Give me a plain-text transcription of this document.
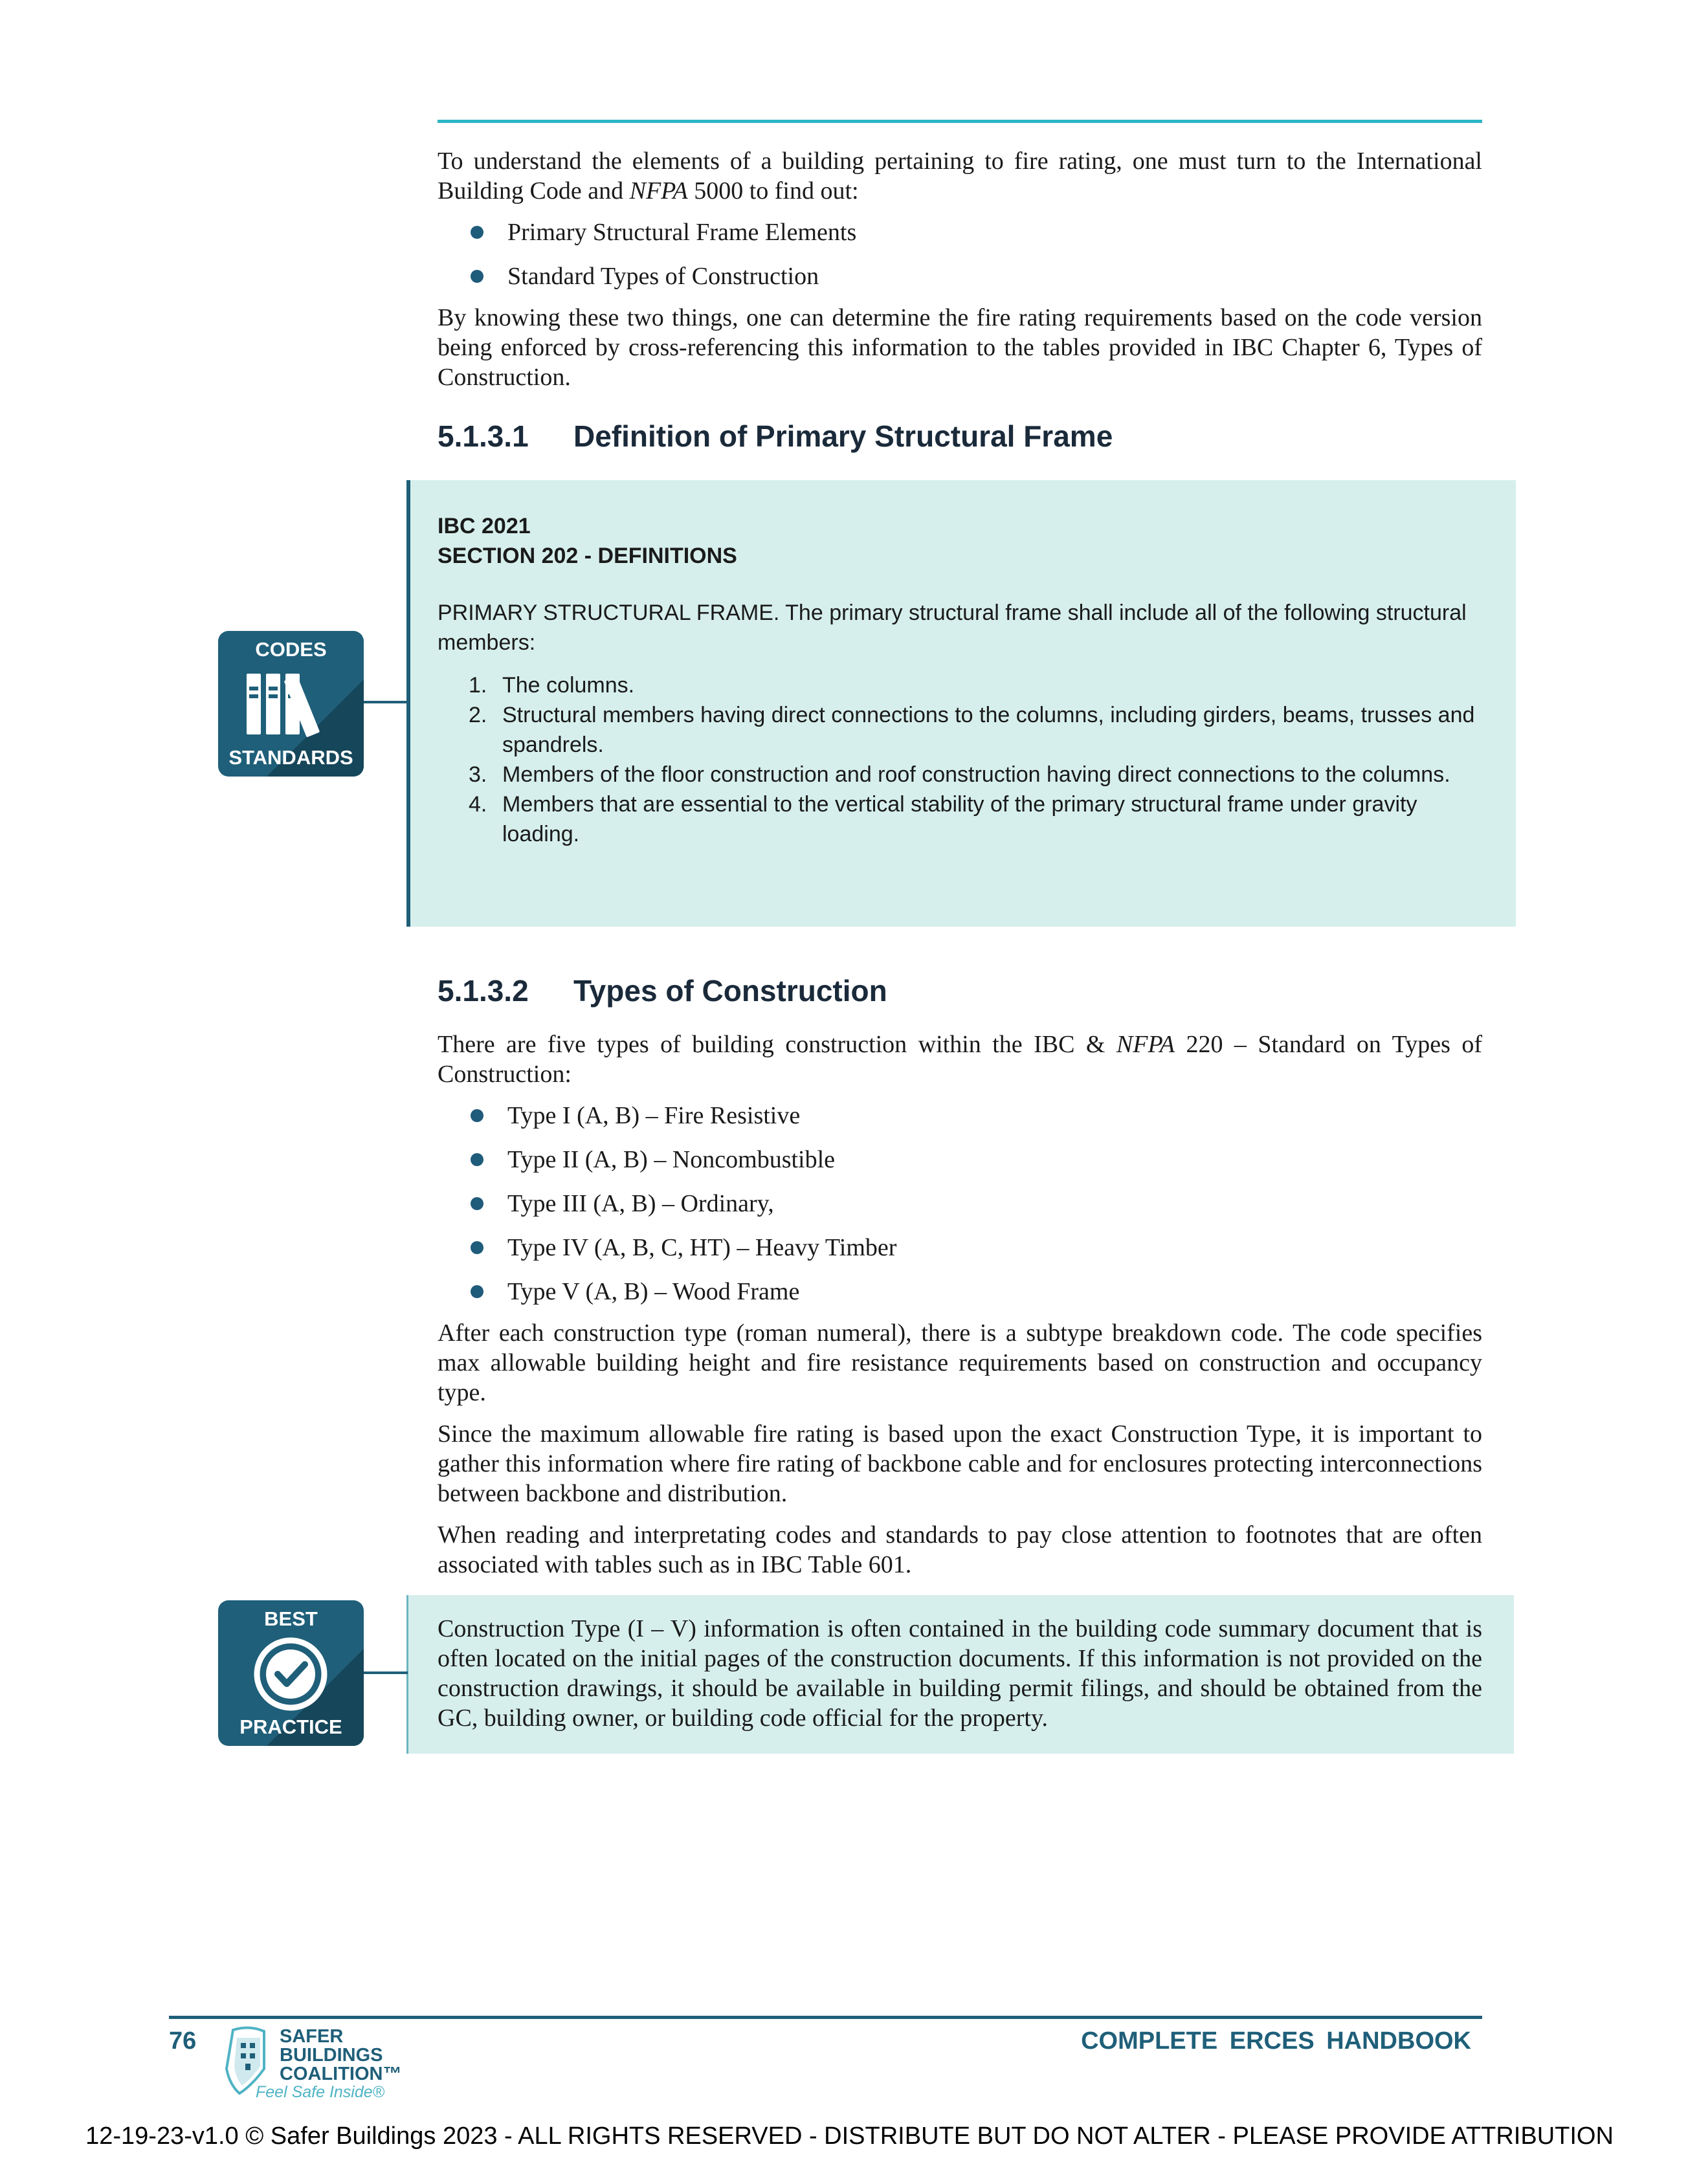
To understand the elements of a building pertaining to fire rating, one must turn to the International Building Code and NFPA 5000 to find out:

Primary Structural Frame Elements
Standard Types of Construction

By knowing these two things, one can determine the fire rating requirements based on the code version being enforced by cross-referencing this information to the tables provided in IBC Chapter 6, Types of Construction.

5.1.3.1 Definition of Primary Structural Frame
CODES
STANDARDS
IBC 2021
SECTION 202 - DEFINITIONS
PRIMARY STRUCTURAL FRAME. The primary structural frame shall include all of the following structural members:
1. The columns.
2. Structural members having direct connections to the columns, including girders, beams, trusses and spandrels.
3. Members of the floor construction and roof construction having direct connections to the columns.
4. Members that are essential to the vertical stability of the primary structural frame under gravity loading.
5.1.3.2 Types of Construction

There are five types of building construction within the IBC & NFPA 220 – Standard on Types of Construction:

Type I (A, B) – Fire Resistive
Type II (A, B) – Noncombustible
Type III (A, B) – Ordinary,
Type IV (A, B, C, HT) – Heavy Timber
Type V (A, B) – Wood Frame

After each construction type (roman numeral), there is a subtype breakdown code. The code specifies max allowable building height and fire resistance requirements based on construction and occupancy type.

Since the maximum allowable fire rating is based upon the exact Construction Type, it is important to gather this information where fire rating of backbone cable and for enclosures protecting interconnections between backbone and distribution.

When reading and interpretating codes and standards to pay close attention to footnotes that are often associated with tables such as in IBC Table 601.

BEST
PRACTICE

Construction Type (I – V) information is often contained in the building code summary document that is often located on the initial pages of the construction documents. If this information is not provided on the construction drawings, it should be available in building permit filings, and should be obtained from the GC, building owner, or building code official for the property.

76	SAFER
BUILDINGS
COALITION™
Feel Safe Inside®
COMPLETE ERCES HANDBOOK
12-19-23-v1.0 © Safer Buildings 2023 - ALL RIGHTS RESERVED - DISTRIBUTE BUT DO NOT ALTER - PLEASE PROVIDE ATTRIBUTION
